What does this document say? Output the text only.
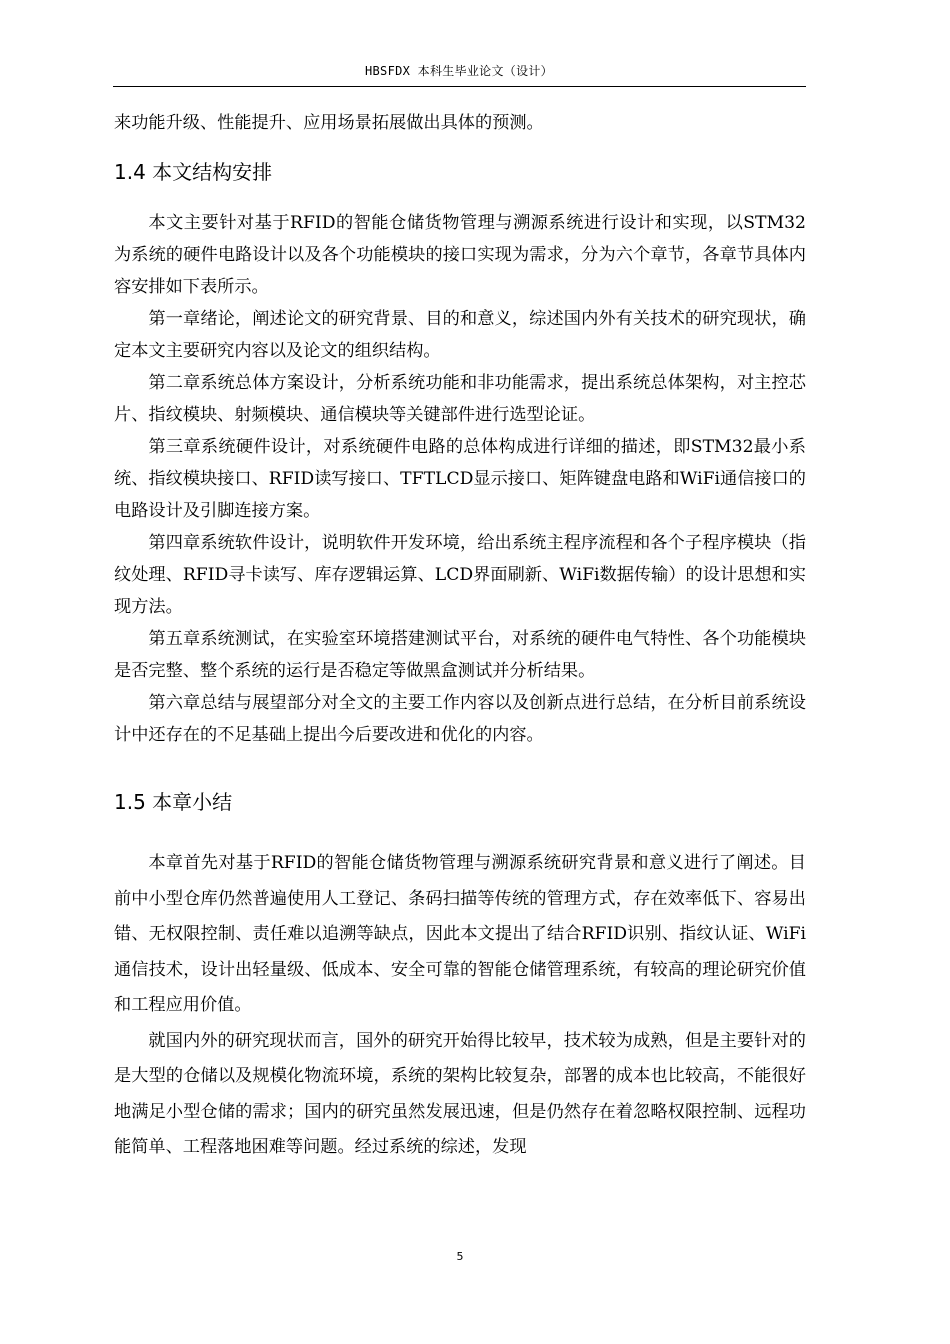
HBSFDX 本科生毕业论文（设计）

来功能升级、性能提升、应用场景拓展做出具体的预测。

1.4 本文结构安排

本文主要针对基于RFID的智能仓储货物管理与溯源系统进行设计和实现，以STM32为系统的硬件电路设计以及各个功能模块的接口实现为需求，分为六个章节，各章节具体内容安排如下表所示。

第一章绪论，阐述论文的研究背景、目的和意义，综述国内外有关技术的研究现状，确定本文主要研究内容以及论文的组织结构。

第二章系统总体方案设计，分析系统功能和非功能需求，提出系统总体架构，对主控芯片、指纹模块、射频模块、通信模块等关键部件进行选型论证。

第三章系统硬件设计，对系统硬件电路的总体构成进行详细的描述，即STM32最小系统、指纹模块接口、RFID读写接口、TFTLCD显示接口、矩阵键盘电路和WiFi通信接口的电路设计及引脚连接方案。

第四章系统软件设计，说明软件开发环境，给出系统主程序流程和各个子程序模块（指纹处理、RFID寻卡读写、库存逻辑运算、LCD界面刷新、WiFi数据传输）的设计思想和实现方法。

第五章系统测试，在实验室环境搭建测试平台，对系统的硬件电气特性、各个功能模块是否完整、整个系统的运行是否稳定等做黑盒测试并分析结果。

第六章总结与展望部分对全文的主要工作内容以及创新点进行总结，在分析目前系统设计中还存在的不足基础上提出今后要改进和优化的内容。

1.5 本章小结

本章首先对基于RFID的智能仓储货物管理与溯源系统研究背景和意义进行了阐述。目前中小型仓库仍然普遍使用人工登记、条码扫描等传统的管理方式，存在效率低下、容易出错、无权限控制、责任难以追溯等缺点，因此本文提出了结合RFID识别、指纹认证、WiFi通信技术，设计出轻量级、低成本、安全可靠的智能仓储管理系统，有较高的理论研究价值和工程应用价值。

就国内外的研究现状而言，国外的研究开始得比较早，技术较为成熟，但是主要针对的是大型的仓储以及规模化物流环境，系统的架构比较复杂，部署的成本也比较高，不能很好地满足小型仓储的需求；国内的研究虽然发展迅速，但是仍然存在着忽略权限控制、远程功能简单、工程落地困难等问题。经过系统的综述，发现

5
